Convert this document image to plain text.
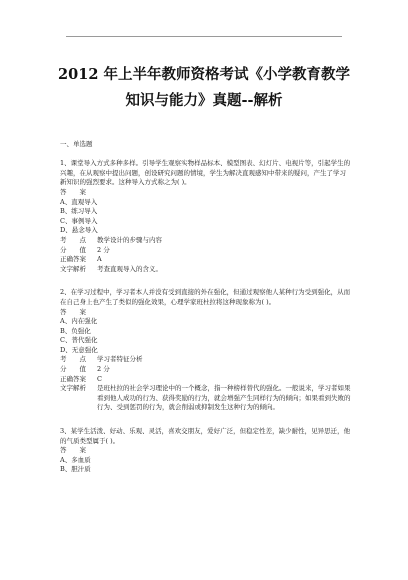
2012 年上半年教师资格考试《小学教育教学
知识与能力》真题--解析

一、单选题

1、课堂导入方式多种多样。引导学生观察实物样品标本、模型图表、幻灯片、电视片等，引起学生的兴趣，在从观察中提出问题，创设研究问题的情境，学生为解决直观感知中带来的疑问，产生了学习新知识的强烈要求。这种导入方式称之为( )。

答　　案

A、直观导入

B、练习导入

C、事例导入

D、悬念导入

考　　点	教学设计的步骤与内容
分　　值	2 分
正确答案	A
文字解析	考查直观导入的含义。

2、在学习过程中，学习者本人并没有受到直接的外在强化，但通过观察他人某种行为受到强化，从而在自己身上也产生了类似的强化效果，心理学家班杜拉将这种现象称为( )。

答　　案

A、内在强化

B、负强化

C、普代强化

D、无意强化

考　　点	学习者特征分析
分　　值	2 分
正确答案	C
文字解析	是班杜拉的社会学习理论中的一个概念，指一种榜样替代的强化。一般说来，学习者如果看到他人成功的行为、获得奖励的行为，就会增强产生同样行为的倾向；如果看到失败的行为、受到惩罚的行为，就会削弱或抑制发生这种行为的倾向。

3、某学生活泼、好动、乐观、灵活，喜欢交朋友，爱好广泛，但稳定性差，缺少耐性，见异思迁，他的气质类型属于( )。

答　　案

A、多血质

B、胆汁质
